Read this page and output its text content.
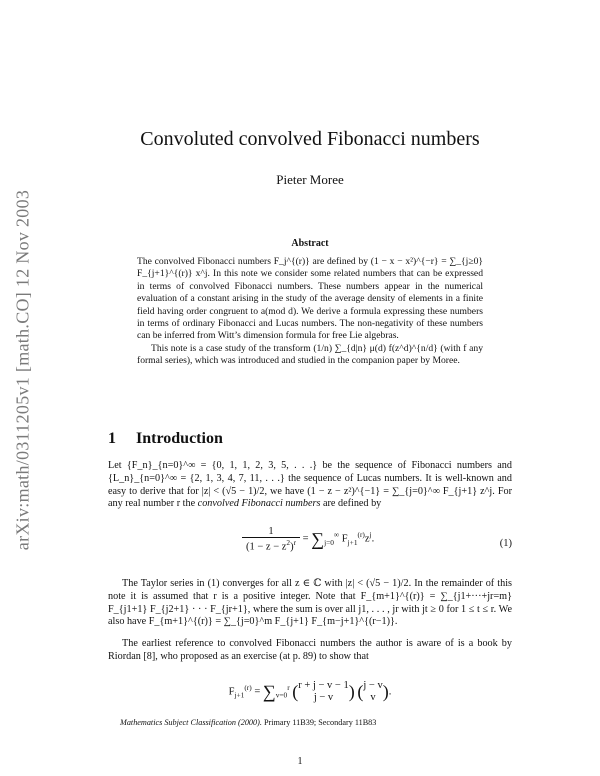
arXiv:math/0311205v1 [math.CO] 12 Nov 2003
Convoluted convolved Fibonacci numbers
Pieter Moree
Abstract

The convolved Fibonacci numbers F_j^{(r)} are defined by (1 − x − x²)^{−r} = ∑_{j≥0} F_{j+1}^{(r)} x^j. In this note we consider some related numbers that can be expressed in terms of convolved Fibonacci numbers. These numbers appear in the numerical evaluation of a constant arising in the study of the average density of elements in a finite field having order congruent to a(mod d). We derive a formula expressing these numbers in terms of ordinary Fibonacci and Lucas numbers. The non-negativity of these numbers can be inferred from Witt’s dimension formula for free Lie algebras.

This note is a case study of the transform (1/n) ∑_{d|n} μ(d) f(z^d)^{n/d} (with f any formal series), which was introduced and studied in the companion paper by Moree.

1 Introduction

Let {F_n}_{n=0}^∞ = {0, 1, 1, 2, 3, 5, . . .} be the sequence of Fibonacci numbers and {L_n}_{n=0}^∞ = {2, 1, 3, 4, 7, 11, . . .} the sequence of Lucas numbers. It is well-known and easy to derive that for |z| < (√5 − 1)/2, we have (1 − z − z²)^{−1} = ∑_{j=0}^∞ F_{j+1} z^j. For any real number r the convolved Fibonacci numbers are defined by

$\frac{1}{(1 - z - z^2)^r} = \sum_{j=0}^\infty$ $F_{j+1}^{(r)}z^j$.	(1)
The Taylor series in (1) converges for all z ∈ ℂ with |z| < (√5 − 1)/2. In the remainder of this note it is assumed that r is a positive integer. Note that F_{m+1}^{(r)} = ∑_{j1+···+jr=m} F_{j1+1} F_{j2+1} · · · F_{jr+1}, where the sum is over all j1, . . . , jr with jt ≥ 0 for 1 ≤ t ≤ r. We also have F_{m+1}^{(r)} = ∑_{j=0}^m F_{j+1} F_{m−j+1}^{(r−1)}.
The earliest reference to convolved Fibonacci numbers the author is aware of is a book by Riordan [8], who proposed as an exercise (at p. 89) to show that
$F_{j+1}^{(r)} = \sum_{v=0}^r$ (r + j − v − 1
j − v ) (j − v
v ).
Mathematics Subject Classification (2000). Primary 11B39; Secondary 11B83
1
